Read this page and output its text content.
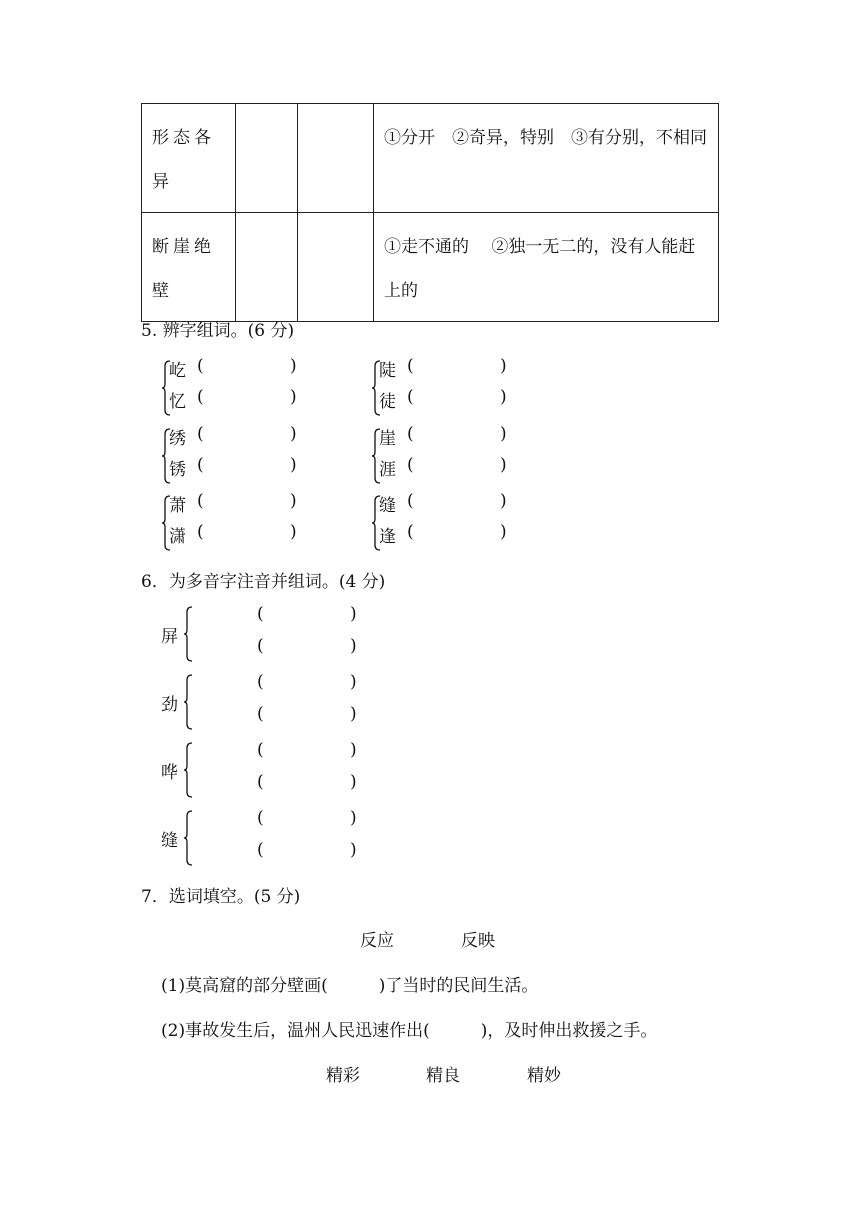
形态各异			①分开　②奇异，特别　③有分别，不相同
断崖绝壁			①走不通的　 ②独一无二的，没有人能赶上的
5. 辨字组词。(6 分)
屹 (	)
忆 (	)
陡 (	)
徒 (	)
绣 (	)
锈 (	)
崖 (	)
涯 (	)
萧 (	)
潇 (	)
缝 (	)
逢 (	)
6．为多音字注音并组词。(4 分)
屏
(	)
(	)
劲
(	)
(	)
哗
(	)
(	)
缝
(	)
(	)
7．选词填空。(5 分)
反应	反映
(1)莫高窟的部分壁画(　　　)了当时的民间生活。
(2)事故发生后，温州人民迅速作出(　　　)，及时伸出救援之手。
精彩	精良	精妙
